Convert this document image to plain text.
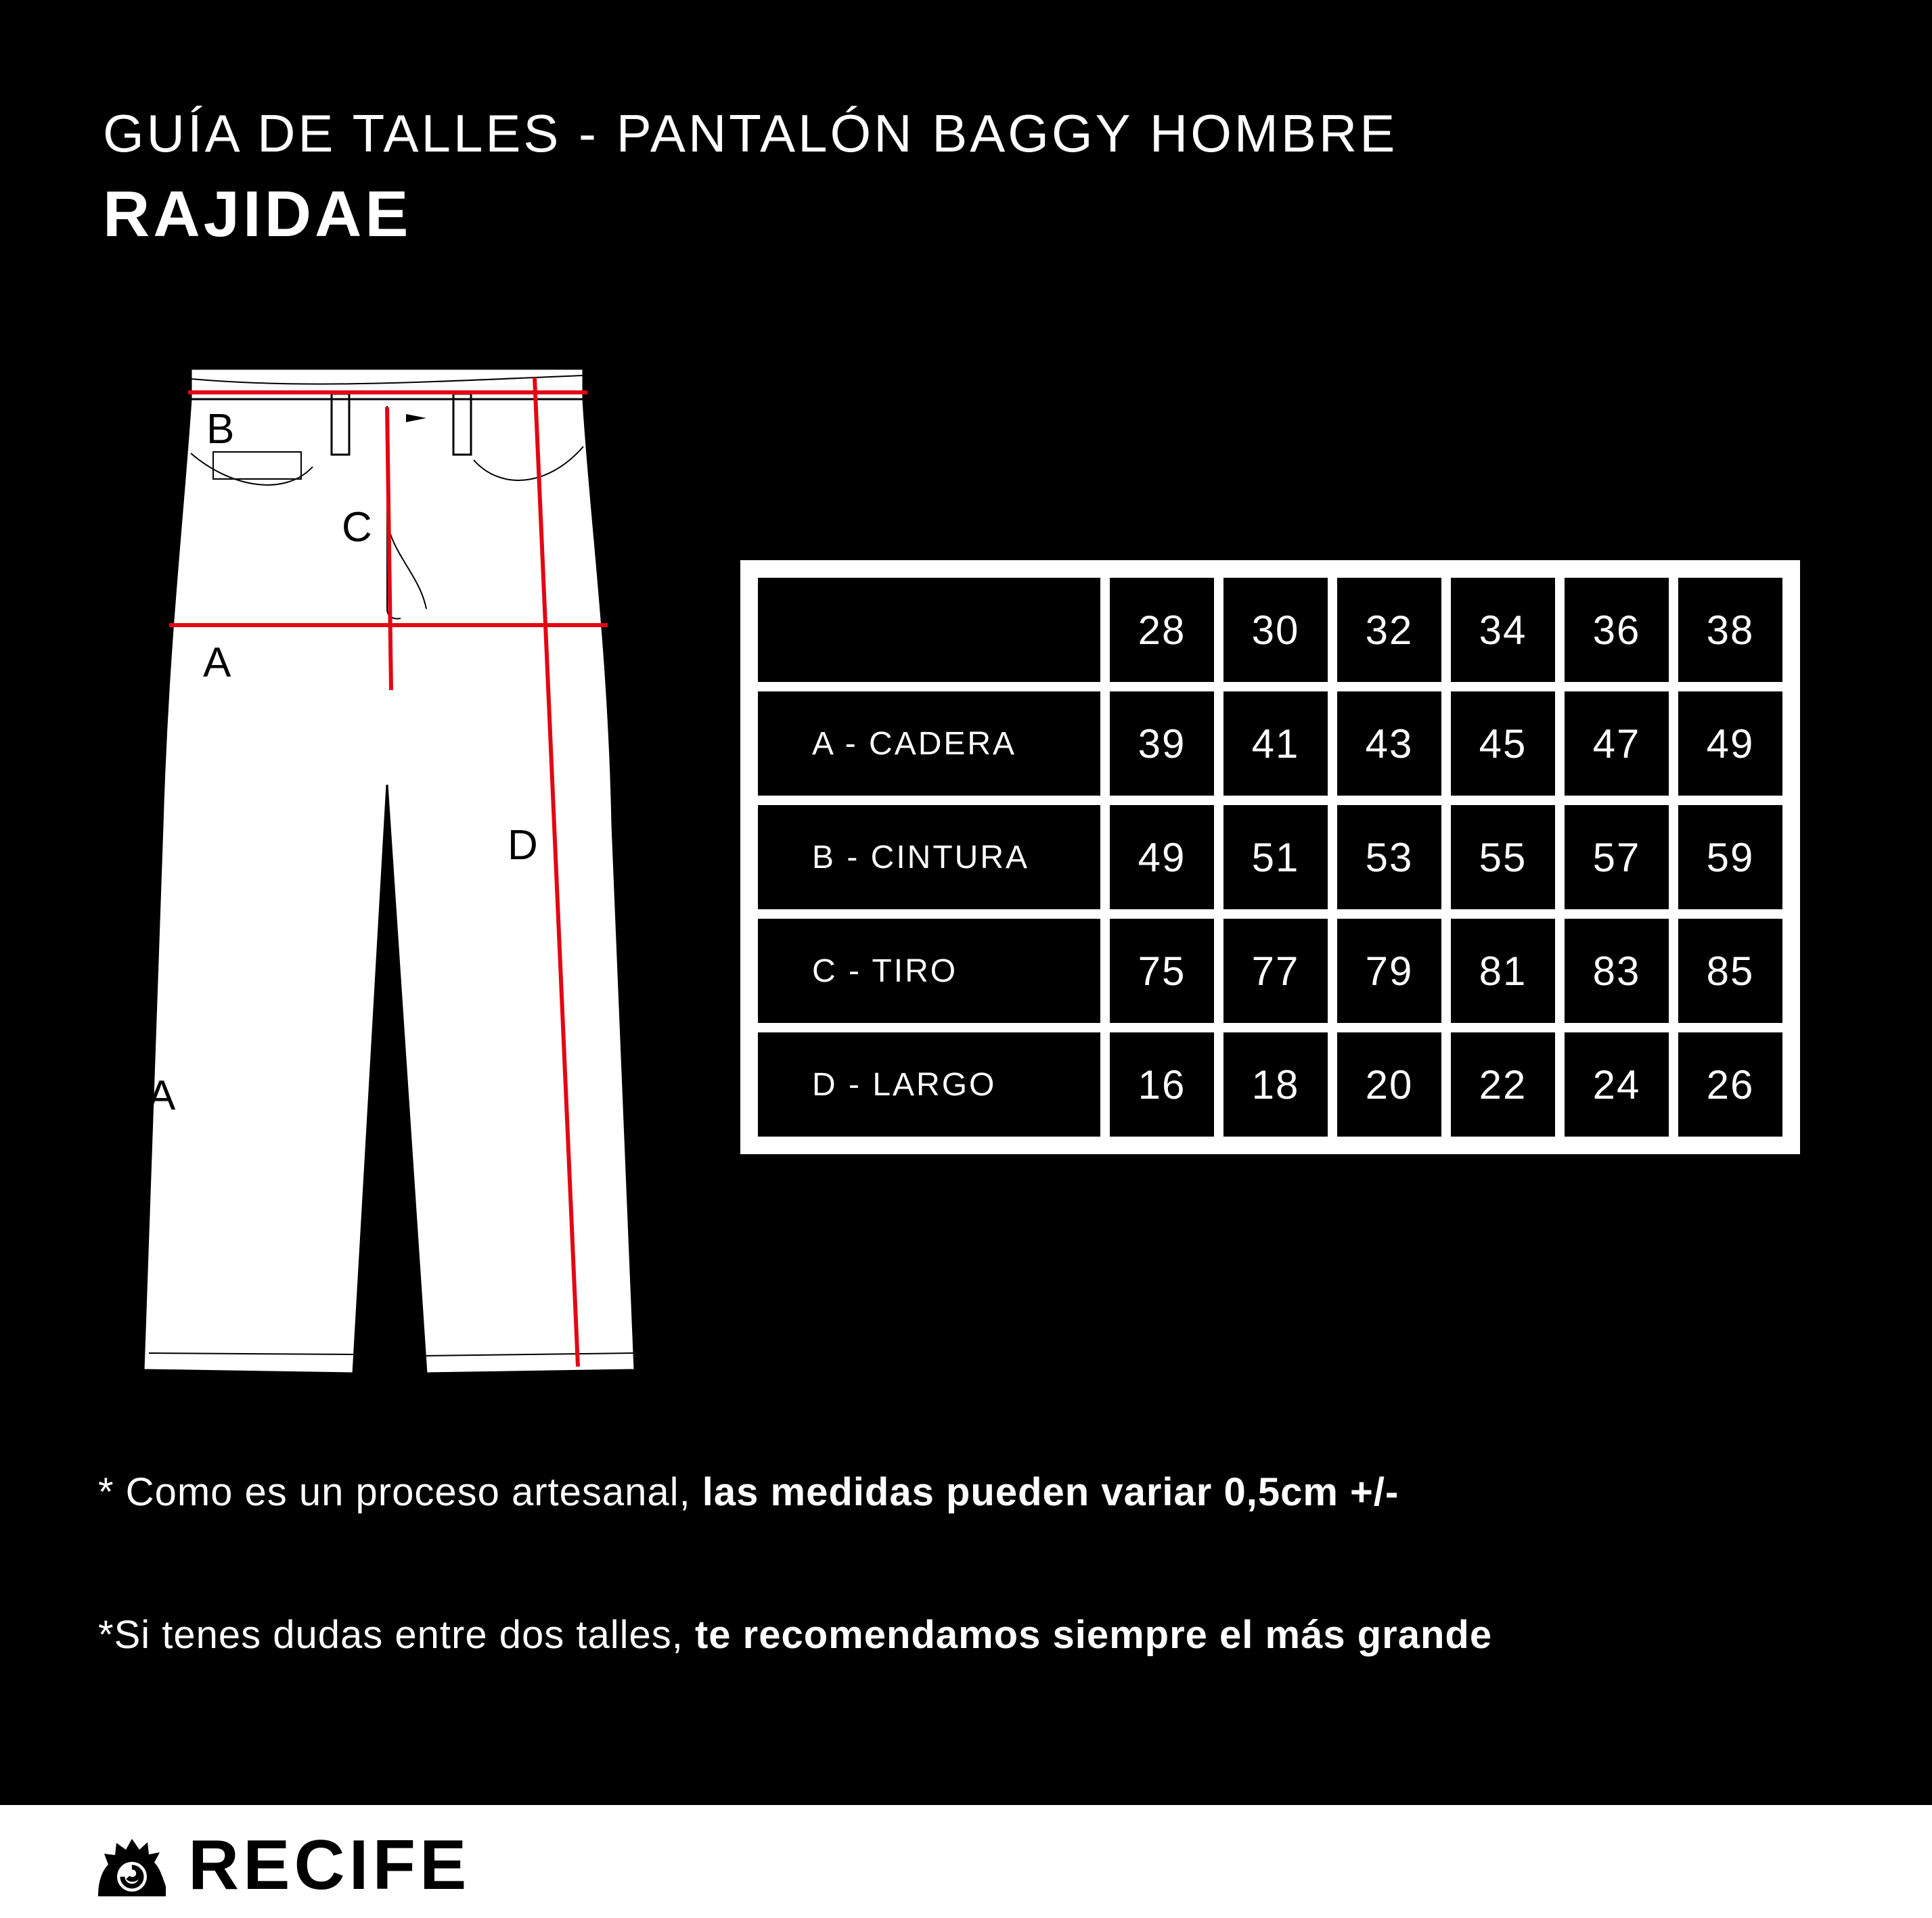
GUÍA DE TALLES - PANTALÓN BAGGY HOMBRE
RAJIDAE
B
C
A
D
A
	28	30	32	34	36	38
A - CADERA	39	41	43	45	47	49
B - CINTURA	49	51	53	55	57	59
C - TIRO	75	77	79	81	83	85
D - LARGO	16	18	20	22	24	26
* Como es un proceso artesanal, las medidas pueden variar 0,5cm +/-
*Si tenes dudas entre dos talles, te recomendamos siempre el más grande
RECIFE
